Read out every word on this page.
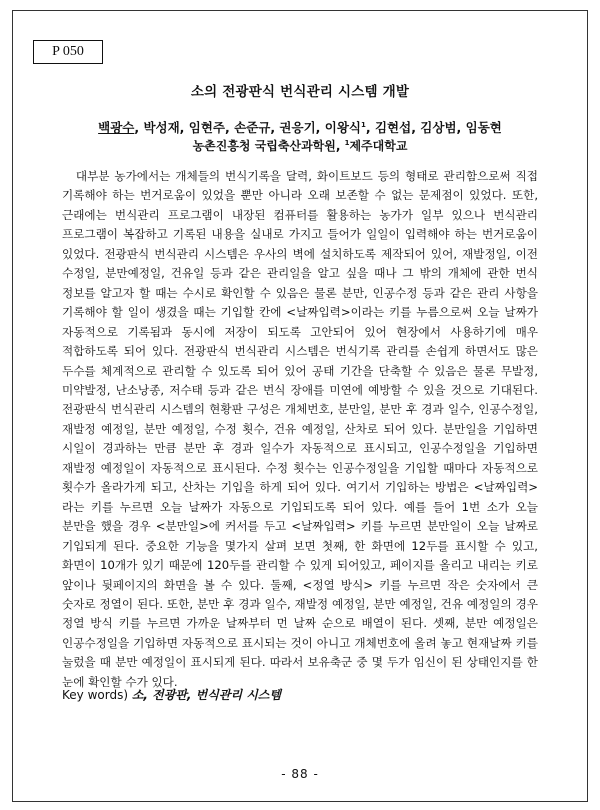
P 050
소의 전광판식 번식관리 시스템 개발
백광수, 박성재, 임현주, 손준규, 권응기, 이왕식$^1$, 김현섭, 김상범, 임동현
농촌진흥청 국립축산과학원, $^1$제주대학교

대부분 농가에서는 개체들의 번식기록을 달력, 화이트보드 등의 형태로 관리함으로써 직접 기록해야 하는 번거로움이 있었을 뿐만 아니라 오래 보존할 수 없는 문제점이 있었다. 또한, 근래에는 번식관리 프로그램이 내장된 컴퓨터를 활용하는 농가가 일부 있으나 번식관리 프로그램이 복잡하고 기록된 내용을 실내로 가지고 들어가 일일이 입력해야 하는 번거로움이 있었다. 전광판식 번식관리 시스템은 우사의 벽에 설치하도록 제작되어 있어, 재발정일, 이전 수정일, 분만예정일, 건유일 등과 같은 관리일을 알고 싶을 때나 그 밖의 개체에 관한 번식 정보를 알고자 할 때는 수시로 확인할 수 있음은 물론 분만, 인공수정 등과 같은 관리 사항을 기록해야 할 일이 생겼을 때는 기입할 칸에 <날짜입력>이라는 키를 누름으로써 오늘 날짜가 자동적으로 기록됨과 동시에 저장이 되도록 고안되어 있어 현장에서 사용하기에 매우 적합하도록 되어 있다. 전광판식 번식관리 시스템은 번식기록 관리를 손쉽게 하면서도 많은 두수를 체계적으로 관리할 수 있도록 되어 있어 공태 기간을 단축할 수 있음은 물론 무발정, 미약발정, 난소낭종, 저수태 등과 같은 번식 장애를 미연에 예방할 수 있을 것으로 기대된다. 전광판식 번식관리 시스템의 현황판 구성은 개체번호, 분만일, 분만 후 경과 일수, 인공수정일, 재발정 예정일, 분만 예정일, 수정 횟수, 건유 예정일, 산차로 되어 있다. 분만일을 기입하면 시일이 경과하는 만큼 분만 후 경과 일수가 자동적으로 표시되고, 인공수정일을 기입하면 재발정 예정일이 자동적으로 표시된다. 수정 횟수는 인공수정일을 기입할 때마다 자동적으로 횟수가 올라가게 되고, 산차는 기입을 하게 되어 있다. 여기서 기입하는 방법은 <날짜입력>라는 키를 누르면 오늘 날짜가 자동으로 기입되도록 되어 있다. 예를 들어 1번 소가 오늘 분만을 했을 경우 <분만일>에 커서를 두고 <날짜입력> 키를 누르면 분만일이 오늘 날짜로 기입되게 된다. 중요한 기능을 몇가지 살펴 보면 첫째, 한 화면에 12두를 표시할 수 있고, 화면이 10개가 있기 때문에 120두를 관리할 수 있게 되어있고, 페이지를 올리고 내리는 키로 앞이나 뒷페이지의 화면을 볼 수 있다. 둘째, <정열 방식> 키를 누르면 작은 숫자에서 큰 숫자로 정열이 된다. 또한, 분만 후 경과 일수, 재발정 예정일, 분만 예정일, 건유 예정일의 경우 정열 방식 키를 누르면 가까운 날짜부터 먼 날짜 순으로 배열이 된다. 셋째, 분만 예정일은 인공수정일을 기입하면 자동적으로 표시되는 것이 아니고 개체번호에 올려 놓고 현재날짜 키를 눌렀을 때 분만 예정일이 표시되게 된다. 따라서 보유축군 중 몇 두가 임신이 된 상태인지를 한 눈에 확인할 수가 있다.

Key words) 소, 전광판, 번식관리 시스템
- 88 -
